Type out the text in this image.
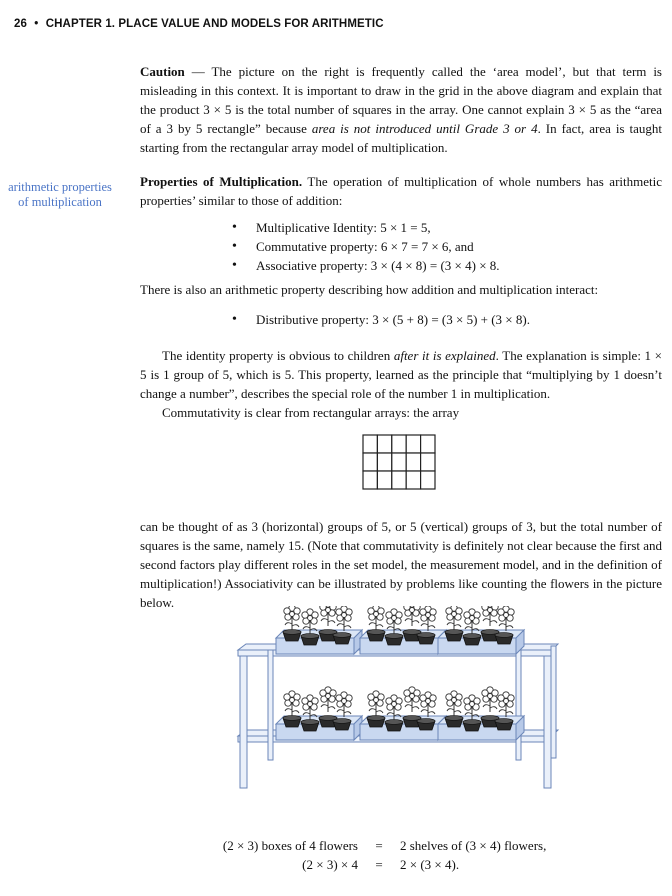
26 • CHAPTER 1. PLACE VALUE AND MODELS FOR ARITHMETIC

Caution — The picture on the right is frequently called the ‘area model’, but that term is misleading in this context. It is important to draw in the grid in the above diagram and explain that the product 3 × 5 is the total number of squares in the array. One cannot explain 3 × 5 as the “area of a 3 by 5 rectangle” because area is not introduced until Grade 3 or 4. In fact, area is taught starting from the rectangular array model of multiplication.

arithmetic properties
of multiplication

Properties of Multiplication. The operation of multiplication of whole numbers has arithmetic properties’ similar to those of addition:

• Multiplicative Identity: 5 × 1 = 5,
• Commutative property: 6 × 7 = 7 × 6, and
• Associative property: 3 × (4 × 8) = (3 × 4) × 8.

There is also an arithmetic property describing how addition and multiplication interact:

• Distributive property: 3 × (5 + 8) = (3 × 5) + (3 × 8).

The identity property is obvious to children after it is explained. The explanation is simple: 1 × 5 is 1 group of 5, which is 5. This property, learned as the principle that “multiplying by 1 doesn’t change a number”, describes the special role of the number 1 in multiplication.

Commutativity is clear from rectangular arrays: the array

can be thought of as 3 (horizontal) groups of 5, or 5 (vertical) groups of 3, but the total number of squares is the same, namely 15. (Note that commutativity is definitely not clear because the first and second factors play different roles in the set model, the measurement model, and in the definition of multiplication!) Associativity can be illustrated by problems like counting the flowers in the picture below.

(2 × 3) boxes of 4 flowers	=	2 shelves of (3 × 4) flowers,
(2 × 3) × 4	=	2 × (3 × 4).
